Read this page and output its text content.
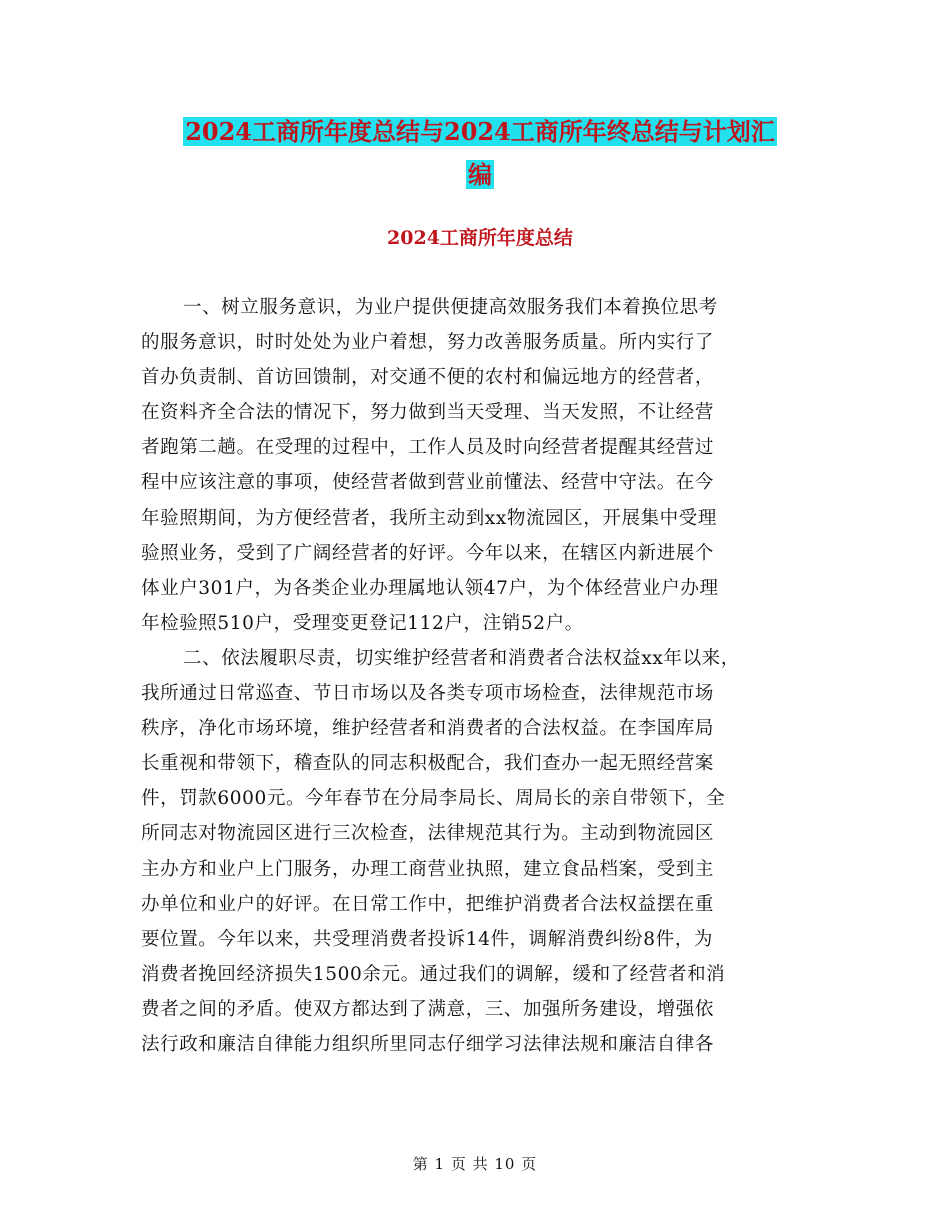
2024工商所年度总结与2024工商所年终总结与计划汇
编
2024工商所年度总结
一、树立服务意识，为业户提供便捷高效服务我们本着换位思考
的服务意识，时时处处为业户着想，努力改善服务质量。所内实行了
首办负责制、首访回馈制，对交通不便的农村和偏远地方的经营者，
在资料齐全合法的情况下，努力做到当天受理、当天发照，不让经营
者跑第二趟。在受理的过程中，工作人员及时向经营者提醒其经营过
程中应该注意的事项，使经营者做到营业前懂法、经营中守法。在今
年验照期间，为方便经营者，我所主动到xx物流园区，开展集中受理
验照业务，受到了广阔经营者的好评。今年以来，在辖区内新进展个
体业户301户，为各类企业办理属地认领47户，为个体经营业户办理
年检验照510户，受理变更登记112户，注销52户。
二、依法履职尽责，切实维护经营者和消费者合法权益xx年以来，
我所通过日常巡查、节日市场以及各类专项市场检查，法律规范市场
秩序，净化市场环境，维护经营者和消费者的合法权益。在李国库局
长重视和带领下，稽查队的同志积极配合，我们查办一起无照经营案
件，罚款6000元。今年春节在分局李局长、周局长的亲自带领下，全
所同志对物流园区进行三次检查，法律规范其行为。主动到物流园区
主办方和业户上门服务，办理工商营业执照，建立食品档案，受到主
办单位和业户的好评。在日常工作中，把维护消费者合法权益摆在重
要位置。今年以来，共受理消费者投诉14件，调解消费纠纷8件，为
消费者挽回经济损失1500余元。通过我们的调解，缓和了经营者和消
费者之间的矛盾。使双方都达到了满意，三、加强所务建设，增强依
法行政和廉洁自律能力组织所里同志仔细学习法律法规和廉洁自律各
第 1 页 共 10 页
